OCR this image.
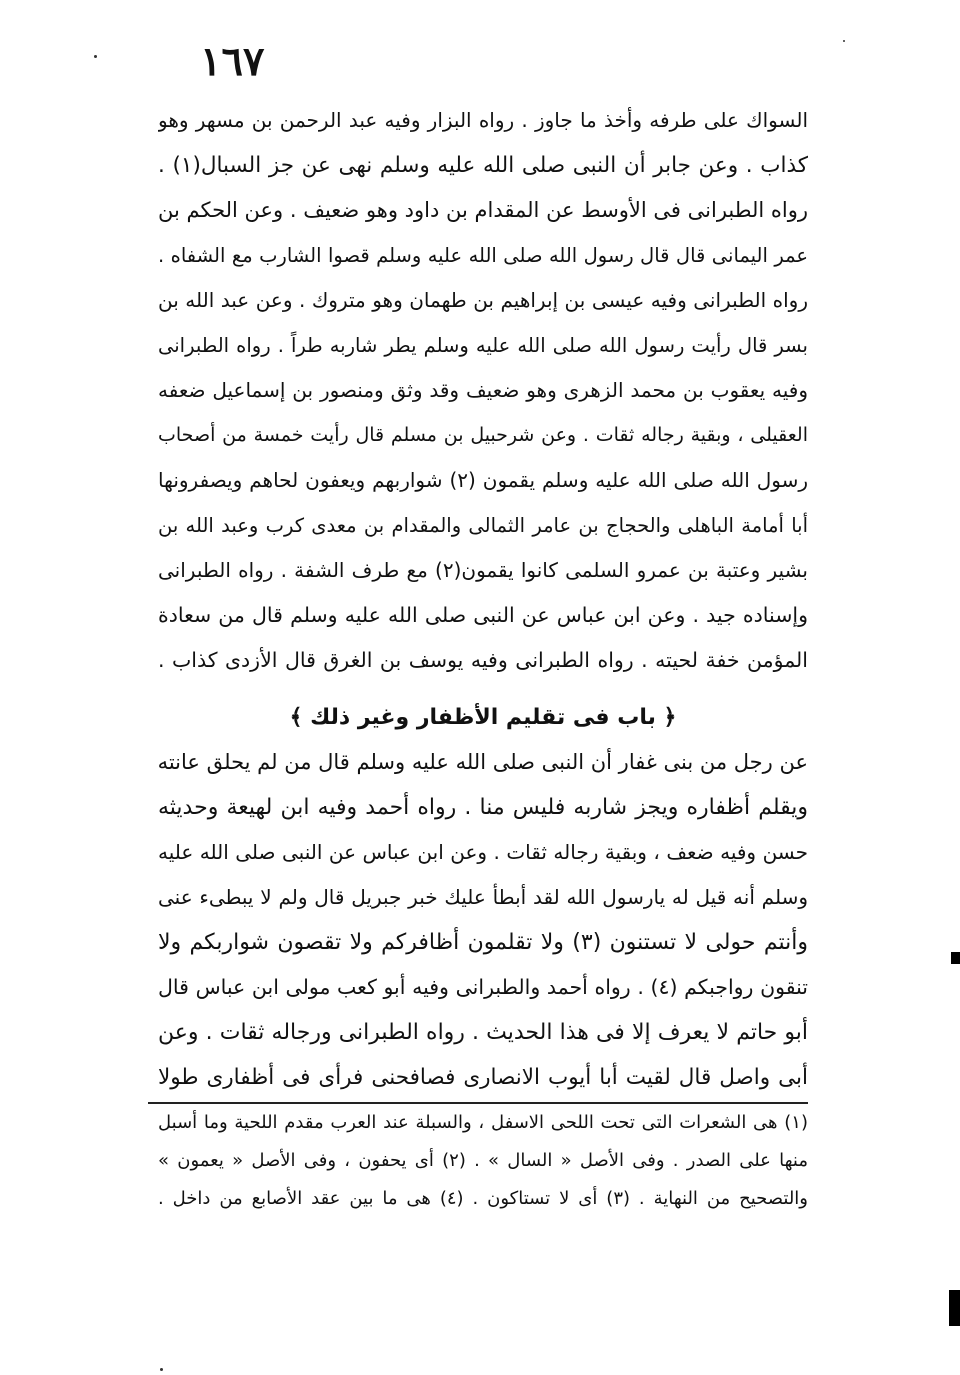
١٦٧
السواك على طرفه وأخذ ما جاوز . رواه البزار وفيه عبد الرحمن بن مسهر وهو
كذاب . وعن جابر أن النبى صلى الله عليه وسلم نهى عن جز السبال(١) .
رواه الطبرانى فى الأوسط عن المقدام بن داود وهو ضعيف . وعن الحكم بن
عمر اليمانى قال قال رسول الله صلى الله عليه وسلم قصوا الشارب مع الشفاه .
رواه الطبرانى وفيه عيسى بن إبراهيم بن طهمان وهو متروك . وعن عبد الله بن
بسر قال رأيت رسول الله صلى الله عليه وسلم يطر شاربه طراً . رواه الطبرانى
وفيه يعقوب بن محمد الزهرى وهو ضعيف وقد وثق ومنصور بن إسماعيل ضعفه
العقيلى ، وبقية رجاله ثقات . وعن شرحبيل بن مسلم قال رأيت خمسة من أصحاب
رسول الله صلى الله عليه وسلم يقمون (٢) شواربهم ويعفون لحاهم ويصفرونها
أبا أمامة الباهلى والحجاج بن عامر الثمالى والمقدام بن معدى كرب وعبد الله بن
بشير وعتبة بن عمرو السلمى كانوا يقمون(٢) مع طرف الشفة . رواه الطبرانى
وإسناده جيد . وعن ابن عباس عن النبى صلى الله عليه وسلم قال من سعادة
المؤمن خفة لحيته . رواه الطبرانى وفيه يوسف بن الغرق قال الأزدى كذاب .
﴿ باب فى تقليم الأظفار وغير ذلك ﴾
عن رجل من بنى غفار أن النبى صلى الله عليه وسلم قال من لم يحلق عانته
ويقلم أظفاره ويجز شاربه فليس منا . رواه أحمد وفيه ابن لهيعة وحديثه
حسن وفيه ضعف ، وبقية رجاله ثقات . وعن ابن عباس عن النبى صلى الله عليه
وسلم أنه قيل له يارسول الله لقد أبطأ عليك خبر جبريل قال ولم لا يبطىء عنى
وأنتم حولى لا تستنون (٣) ولا تقلمون أظافركم ولا تقصون شواربكم ولا
تنقون رواجبكم (٤) . رواه أحمد والطبرانى وفيه أبو كعب مولى ابن عباس قال
أبو حاتم لا يعرف إلا فى هذا الحديث . رواه الطبرانى ورجاله ثقات . وعن
أبى واصل قال لقيت أبا أيوب الانصارى فصافحنى فرأى فى أظفارى طولا
(١) هى الشعرات التى تحت اللحى الاسفل ، والسبلة عند العرب مقدم اللحية وما أسبل
منها على الصدر . وفى الأصل « السال » . (٢) أى يحفون ، وفى الأصل « يعمون »
والتصحيح من النهاية . (٣) أى لا تستاكون . (٤) هى ما بين عقد الأصابع من داخل .
